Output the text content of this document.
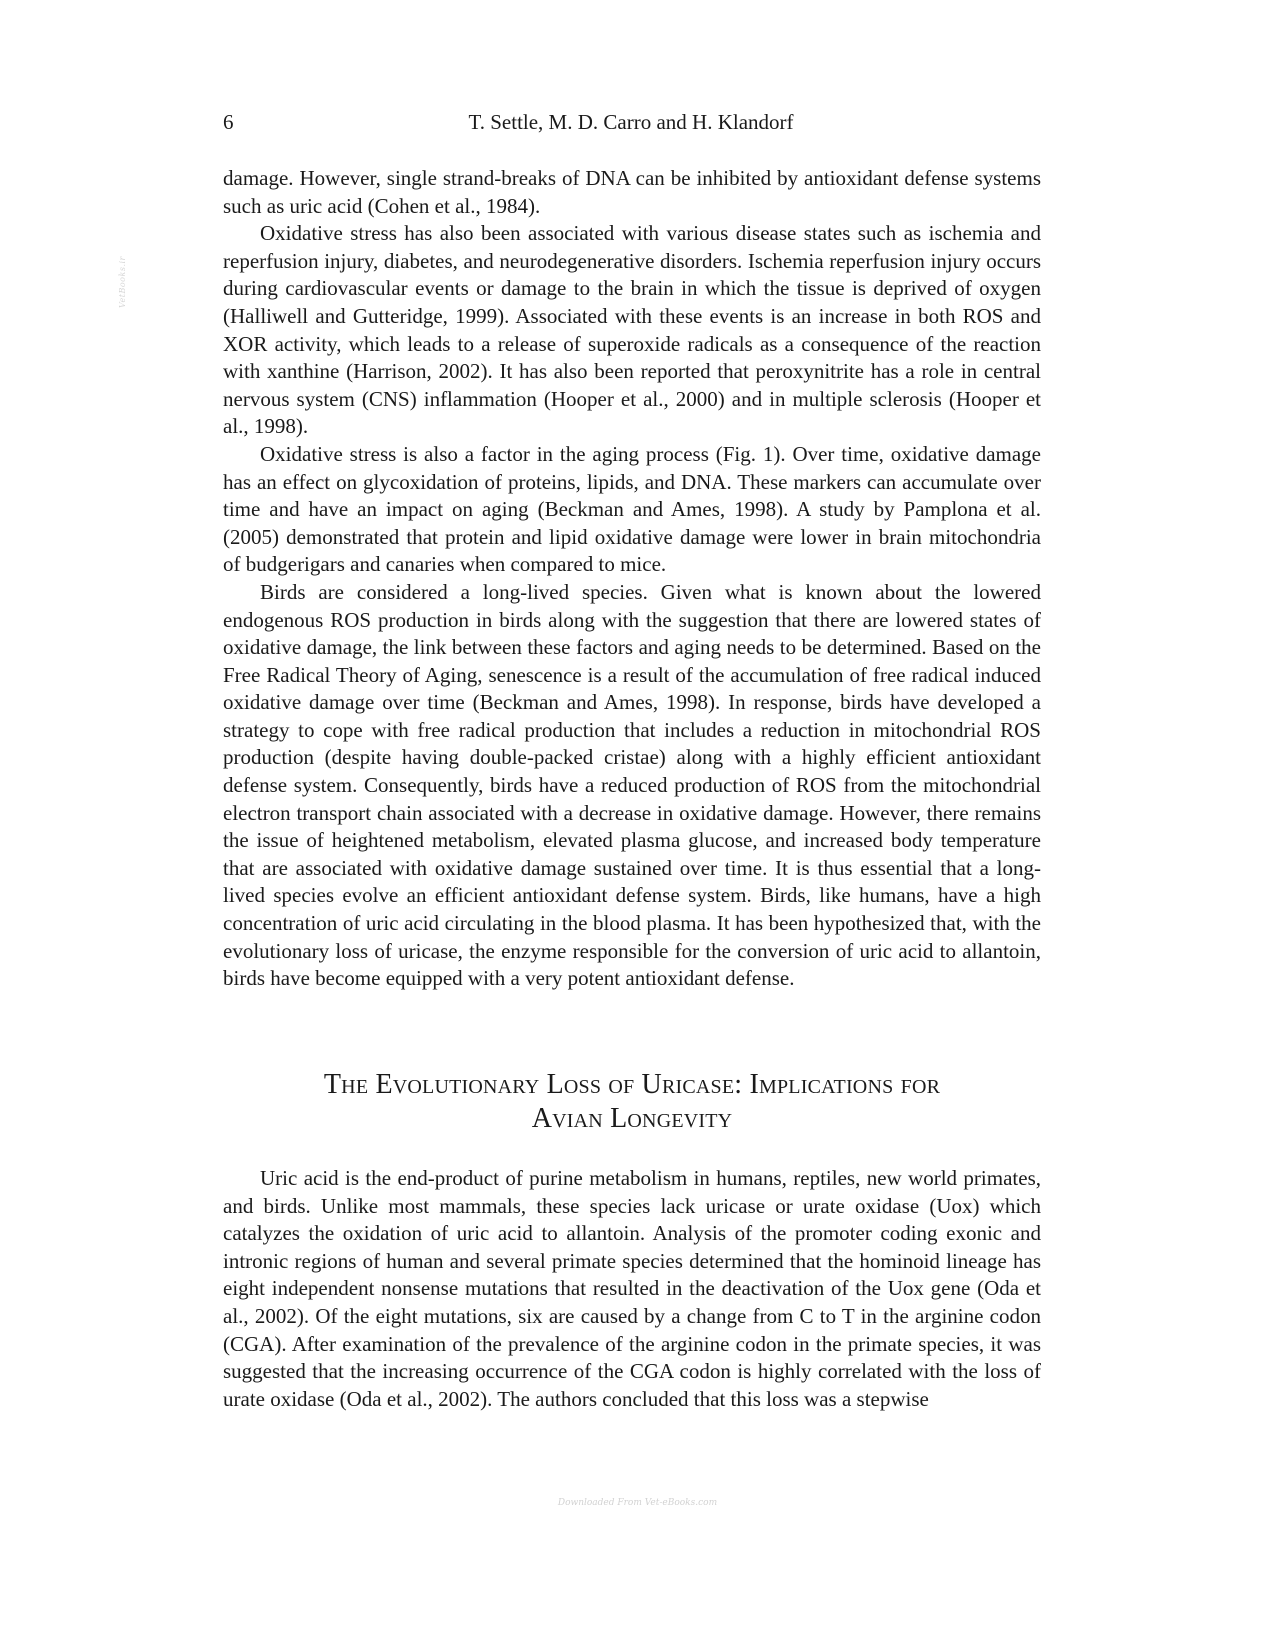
6	T. Settle, M. D. Carro and H. Klandorf
VetBooks.ir

damage. However, single strand-breaks of DNA can be inhibited by antioxidant defense systems such as uric acid (Cohen et al., 1984).

Oxidative stress has also been associated with various disease states such as ischemia and reperfusion injury, diabetes, and neurodegenerative disorders. Ischemia reperfusion injury occurs during cardiovascular events or damage to the brain in which the tissue is deprived of oxygen (Halliwell and Gutteridge, 1999). Associated with these events is an increase in both ROS and XOR activity, which leads to a release of superoxide radicals as a consequence of the reaction with xanthine (Harrison, 2002). It has also been reported that peroxynitrite has a role in central nervous system (CNS) inflammation (Hooper et al., 2000) and in multiple sclerosis (Hooper et al., 1998).

Oxidative stress is also a factor in the aging process (Fig. 1). Over time, oxidative damage has an effect on glycoxidation of proteins, lipids, and DNA. These markers can accumulate over time and have an impact on aging (Beckman and Ames, 1998). A study by Pamplona et al. (2005) demonstrated that protein and lipid oxidative damage were lower in brain mitochondria of budgerigars and canaries when compared to mice.

Birds are considered a long-lived species. Given what is known about the lowered endogenous ROS production in birds along with the suggestion that there are lowered states of oxidative damage, the link between these factors and aging needs to be determined. Based on the Free Radical Theory of Aging, senescence is a result of the accumulation of free radical induced oxidative damage over time (Beckman and Ames, 1998). In response, birds have developed a strategy to cope with free radical production that includes a reduction in mitochondrial ROS production (despite having double-packed cristae) along with a highly efficient antioxidant defense system. Consequently, birds have a reduced production of ROS from the mitochondrial electron transport chain associated with a decrease in oxidative damage. However, there remains the issue of heightened metabolism, elevated plasma glucose, and increased body temperature that are associated with oxidative damage sustained over time. It is thus essential that a long-lived species evolve an efficient antioxidant defense system. Birds, like humans, have a high concentration of uric acid circulating in the blood plasma. It has been hypothesized that, with the evolutionary loss of uricase, the enzyme responsible for the conversion of uric acid to allantoin, birds have become equipped with a very potent antioxidant defense.

The Evolutionary Loss of Uricase: Implications for
Avian Longevity

Uric acid is the end-product of purine metabolism in humans, reptiles, new world primates, and birds. Unlike most mammals, these species lack uricase or urate oxidase (Uox) which catalyzes the oxidation of uric acid to allantoin. Analysis of the promoter coding exonic and intronic regions of human and several primate species determined that the hominoid lineage has eight independent nonsense mutations that resulted in the deactivation of the Uox gene (Oda et al., 2002). Of the eight mutations, six are caused by a change from C to T in the arginine codon (CGA). After examination of the prevalence of the arginine codon in the primate species, it was suggested that the increasing occurrence of the CGA codon is highly correlated with the loss of urate oxidase (Oda et al., 2002). The authors concluded that this loss was a stepwise

Downloaded From Vet-eBooks.com
